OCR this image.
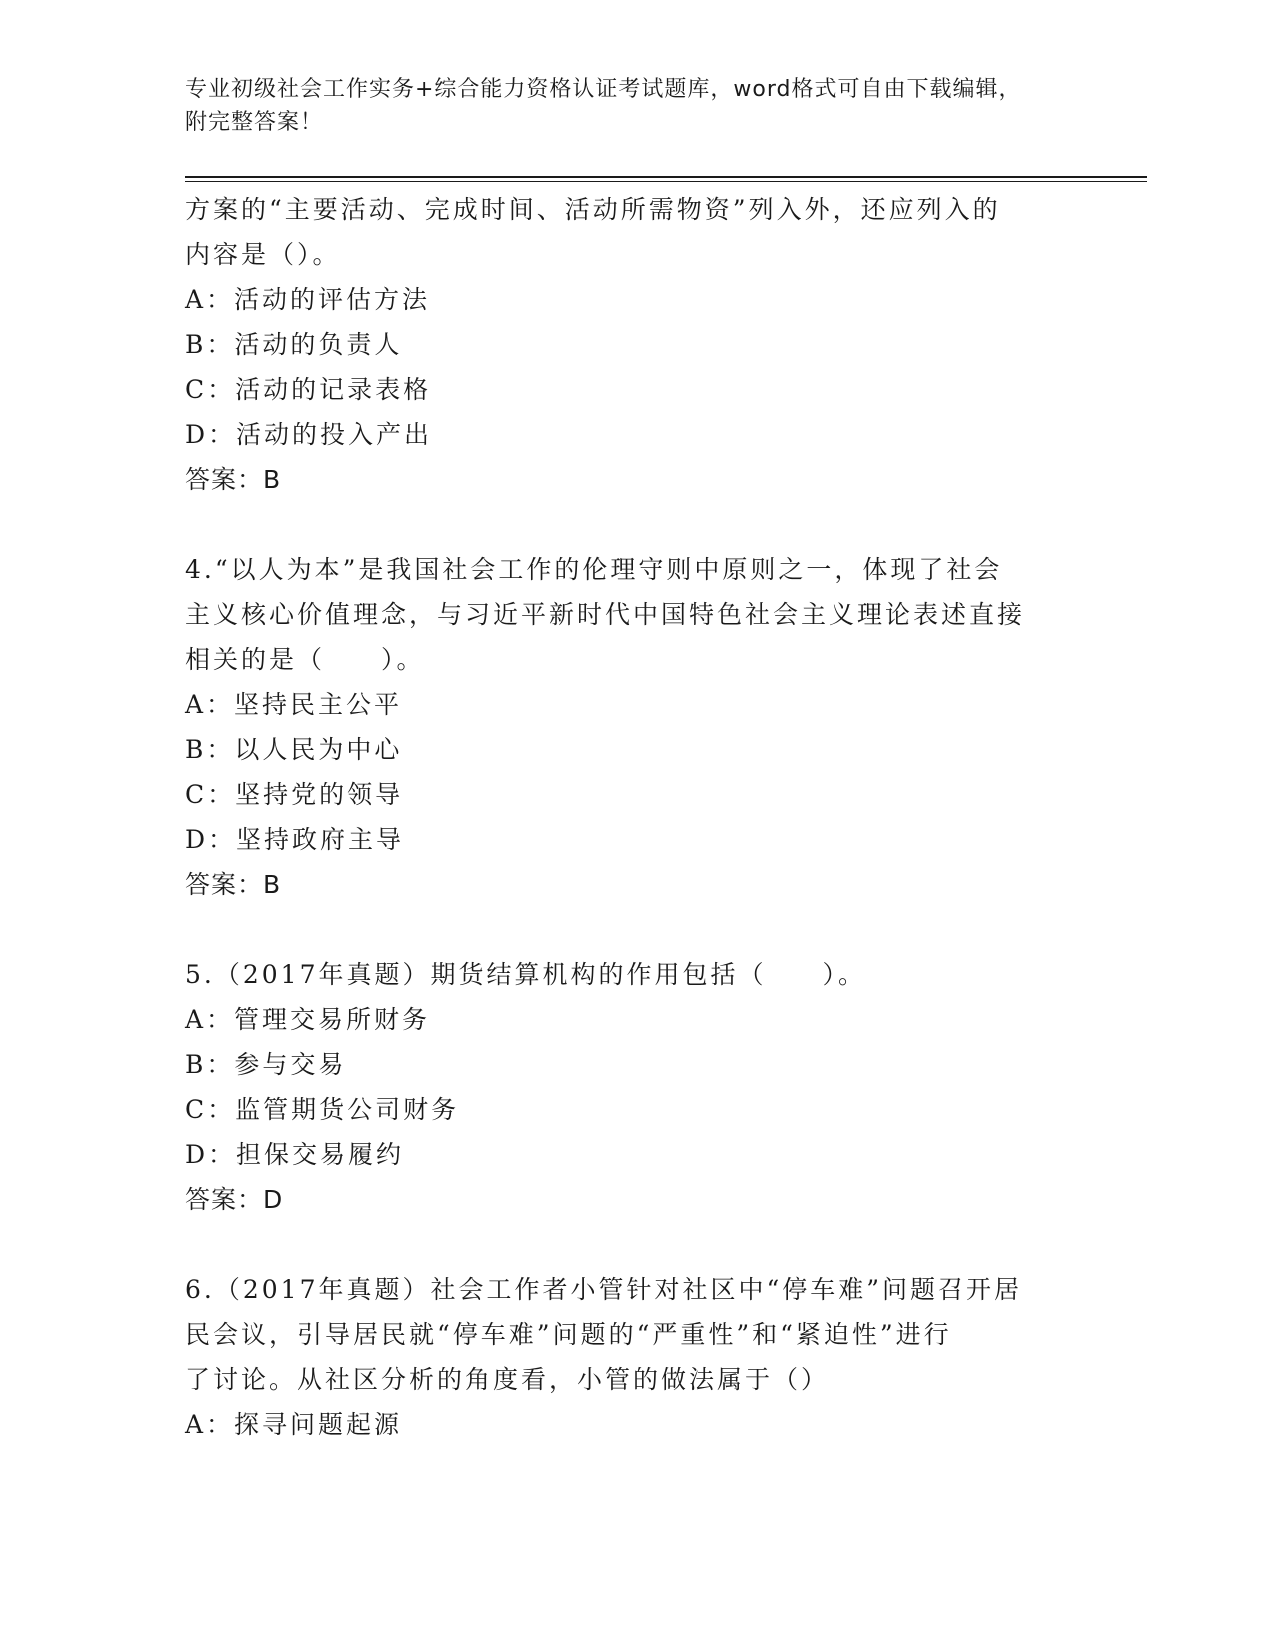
专业初级社会工作实务+综合能力资格认证考试题库，word格式可自由下载编辑，
附完整答案！
方案的“主要活动、完成时间、活动所需物资”列入外，还应列入的
内容是（）。
A：活动的评估方法
B：活动的负责人
C：活动的记录表格
D：活动的投入产出
答案：B
4.“以人为本”是我国社会工作的伦理守则中原则之一，体现了社会
主义核心价值理念，与习近平新时代中国特色社会主义理论表述直接
相关的是（　　）。
A：坚持民主公平
B：以人民为中心
C：坚持党的领导
D：坚持政府主导
答案：B
5.（2017年真题）期货结算机构的作用包括（　　）。
A：管理交易所财务
B：参与交易
C：监管期货公司财务
D：担保交易履约
答案：D
6.（2017年真题）社会工作者小管针对社区中“停车难”问题召开居
民会议，引导居民就“停车难”问题的“严重性”和“紧迫性”进行
了讨论。从社区分析的角度看，小管的做法属于（）
A：探寻问题起源
